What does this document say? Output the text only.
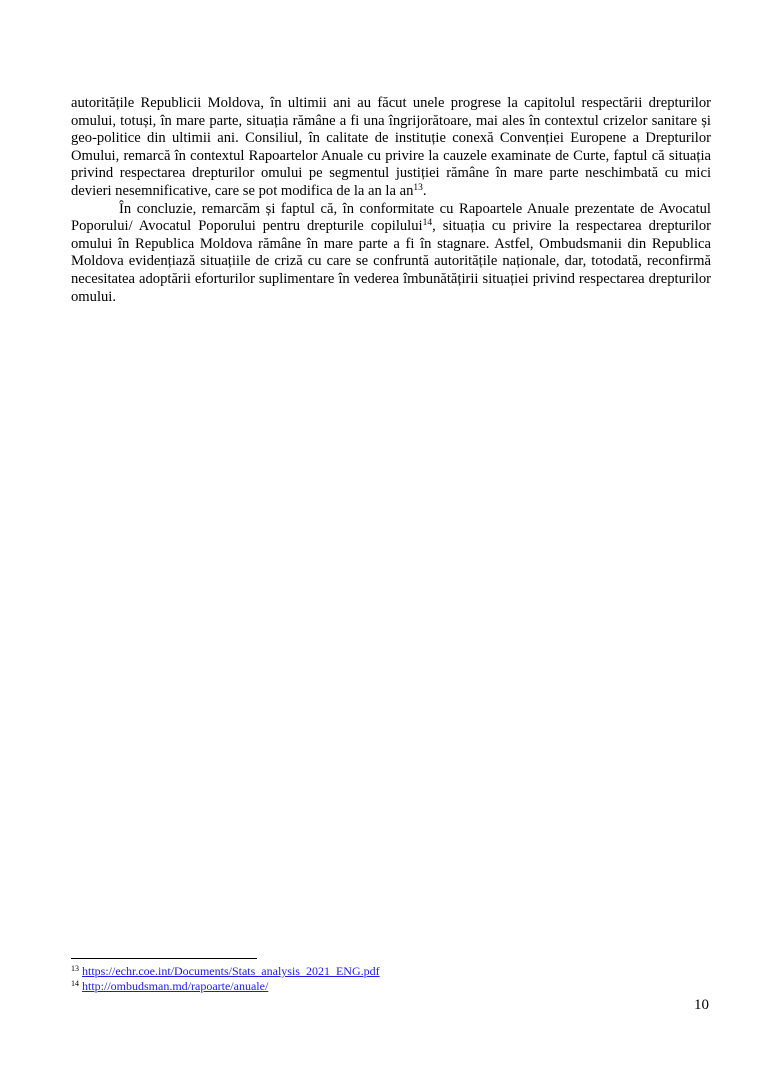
autoritățile Republicii Moldova, în ultimii ani au făcut unele progrese la capitolul respectării drepturilor omului, totuși, în mare parte, situația rămâne a fi una îngrijorătoare, mai ales în contextul crizelor sanitare și geo-politice din ultimii ani. Consiliul, în calitate de instituție conexă Convenției Europene a Drepturilor Omului, remarcă în contextul Rapoartelor Anuale cu privire la cauzele examinate de Curte, faptul că situația privind respectarea drepturilor omului pe segmentul justiției rămâne în mare parte neschimbată cu mici devieri nesemnificative, care se pot modifica de la an la $an^{13}$.

În concluzie, remarcăm și faptul că, în conformitate cu Rapoartele Anuale prezentate de Avocatul Poporului/ Avocatul Poporului pentru drepturile copilului$^{14}$, situația cu privire la respectarea drepturilor omului în Republica Moldova rămâne în mare parte a fi în stagnare. Astfel, Ombudsmanii din Republica Moldova evidențiază situațiile de criză cu care se confruntă autoritățile naționale, dar, totodată, reconfirmă necesitatea adoptării eforturilor suplimentare în vederea îmbunătățirii situației privind respectarea drepturilor omului.

$^{13}$ https://echr.coe.int/Documents/Stats_analysis_2021_ENG.pdf

$^{14}$ http://ombudsman.md/rapoarte/anuale/

10
